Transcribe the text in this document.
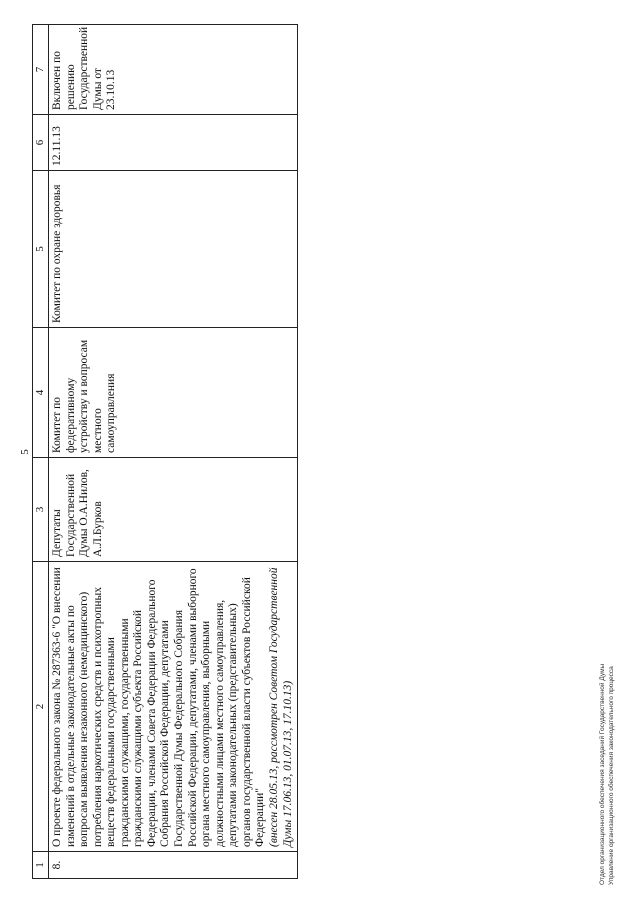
5
1	2	3	4	5	6	7
8.	О проекте федерального закона № 287363-6 "О внесении изменений в отдельные законодательные акты по вопросам выявления незаконного (немедицинского) потребления наркотических средств и психотропных веществ федеральными государственными гражданскими служащими, государственными гражданскими служащими субъекта Российской Федерации, членами Совета Федерации Федерального Собрания Российской Федерации, депутатами Государственной Думы Федерального Собрания Российской Федерации, депутатами, членами выборного органа местного самоуправления, выборными должностными лицами местного самоуправления, депутатами законодательных (представительных) органов государственной власти субъектов Российской Федерации" (внесен 28.05.13, рассмотрен Советом Государственной Думы 17.06.13, 01.07.13, 17.10.13)	Депутаты Государственной Думы О.А.Нилов, А.Л.Бурков	Комитет по федеративному устройству и вопросам местного самоуправления	Комитет по охране здоровья	12.11.13	Включен по решению Государственной Думы от 23.10.13
Отдел организационного обеспечения заседаний Государственной Думы Управление организационного обеспечения законодательного процесса
